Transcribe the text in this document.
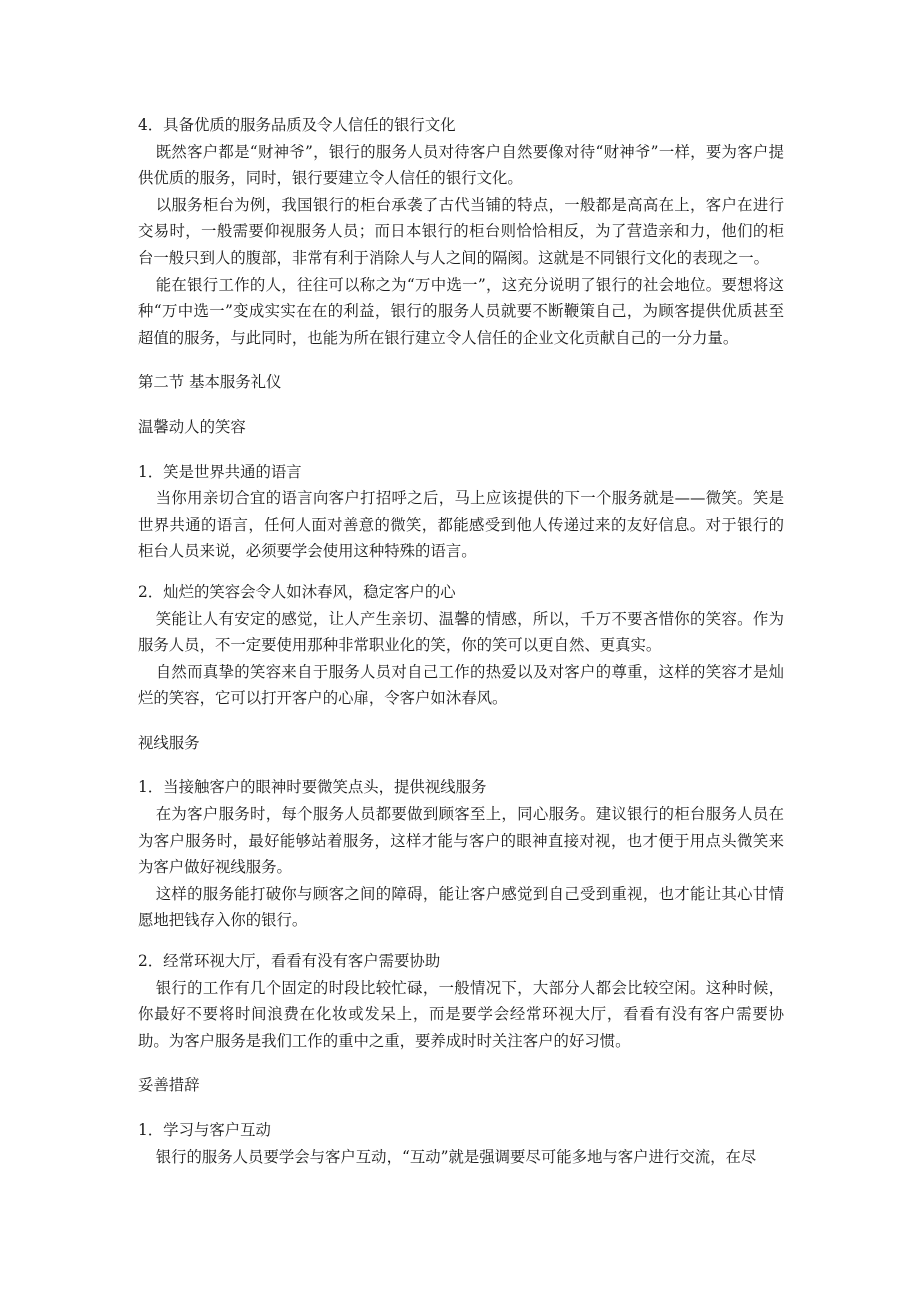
4．具备优质的服务品质及令人信任的银行文化

既然客户都是“财神爷”，银行的服务人员对待客户自然要像对待“财神爷”一样，要为客户提供优质的服务，同时，银行要建立令人信任的银行文化。

以服务柜台为例，我国银行的柜台承袭了古代当铺的特点，一般都是高高在上，客户在进行交易时，一般需要仰视服务人员；而日本银行的柜台则恰恰相反，为了营造亲和力，他们的柜台一般只到人的腹部，非常有利于消除人与人之间的隔阂。这就是不同银行文化的表现之一。

能在银行工作的人，往往可以称之为“万中选一”，这充分说明了银行的社会地位。要想将这种“万中选一”变成实实在在的利益，银行的服务人员就要不断鞭策自己，为顾客提供优质甚至超值的服务，与此同时，也能为所在银行建立令人信任的企业文化贡献自己的一分力量。

第二节 基本服务礼仪

温馨动人的笑容

1．笑是世界共通的语言

当你用亲切合宜的语言向客户打招呼之后，马上应该提供的下一个服务就是——微笑。笑是世界共通的语言，任何人面对善意的微笑，都能感受到他人传递过来的友好信息。对于银行的柜台人员来说，必须要学会使用这种特殊的语言。

2．灿烂的笑容会令人如沐春风，稳定客户的心

笑能让人有安定的感觉，让人产生亲切、温馨的情感，所以，千万不要吝惜你的笑容。作为服务人员，不一定要使用那种非常职业化的笑，你的笑可以更自然、更真实。

自然而真挚的笑容来自于服务人员对自己工作的热爱以及对客户的尊重，这样的笑容才是灿烂的笑容，它可以打开客户的心扉，令客户如沐春风。

视线服务

1．当接触客户的眼神时要微笑点头，提供视线服务

在为客户服务时，每个服务人员都要做到顾客至上，同心服务。建议银行的柜台服务人员在为客户服务时，最好能够站着服务，这样才能与客户的眼神直接对视，也才便于用点头微笑来为客户做好视线服务。

这样的服务能打破你与顾客之间的障碍，能让客户感觉到自己受到重视，也才能让其心甘情愿地把钱存入你的银行。

2．经常环视大厅，看看有没有客户需要协助

银行的工作有几个固定的时段比较忙碌，一般情况下，大部分人都会比较空闲。这种时候，你最好不要将时间浪费在化妆或发呆上，而是要学会经常环视大厅，看看有没有客户需要协助。为客户服务是我们工作的重中之重，要养成时时关注客户的好习惯。

妥善措辞

1．学习与客户互动

银行的服务人员要学会与客户互动，“互动”就是强调要尽可能多地与客户进行交流，在尽
